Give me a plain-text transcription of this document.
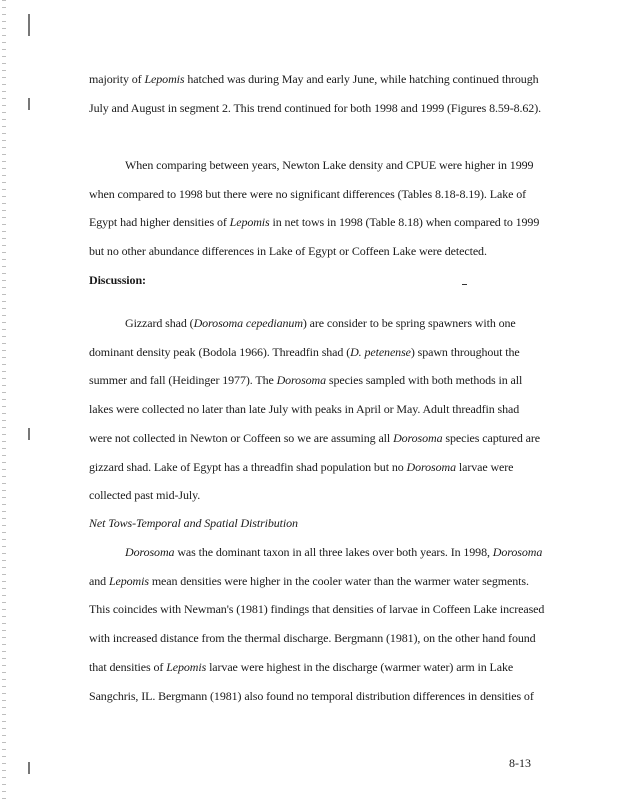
majority of Lepomis hatched was during May and early June, while hatching continued through
July and August in segment 2. This trend continued for both 1998 and 1999 (Figures 8.59-8.62).
When comparing between years, Newton Lake density and CPUE were higher in 1999
when compared to 1998 but there were no significant differences (Tables 8.18-8.19). Lake of
Egypt had higher densities of Lepomis in net tows in 1998 (Table 8.18) when compared to 1999
but no other abundance differences in Lake of Egypt or Coffeen Lake were detected.
Discussion:
Gizzard shad (Dorosoma cepedianum) are consider to be spring spawners with one
dominant density peak (Bodola 1966). Threadfin shad (D. petenense) spawn throughout the
summer and fall (Heidinger 1977). The Dorosoma species sampled with both methods in all
lakes were collected no later than late July with peaks in April or May. Adult threadfin shad
were not collected in Newton or Coffeen so we are assuming all Dorosoma species captured are
gizzard shad. Lake of Egypt has a threadfin shad population but no Dorosoma larvae were
collected past mid-July.
Net Tows-Temporal and Spatial Distribution
Dorosoma was the dominant taxon in all three lakes over both years. In 1998, Dorosoma
and Lepomis mean densities were higher in the cooler water than the warmer water segments.
This coincides with Newman's (1981) findings that densities of larvae in Coffeen Lake increased
with increased distance from the thermal discharge. Bergmann (1981), on the other hand found
that densities of Lepomis larvae were highest in the discharge (warmer water) arm in Lake
Sangchris, IL. Bergmann (1981) also found no temporal distribution differences in densities of
8-13
